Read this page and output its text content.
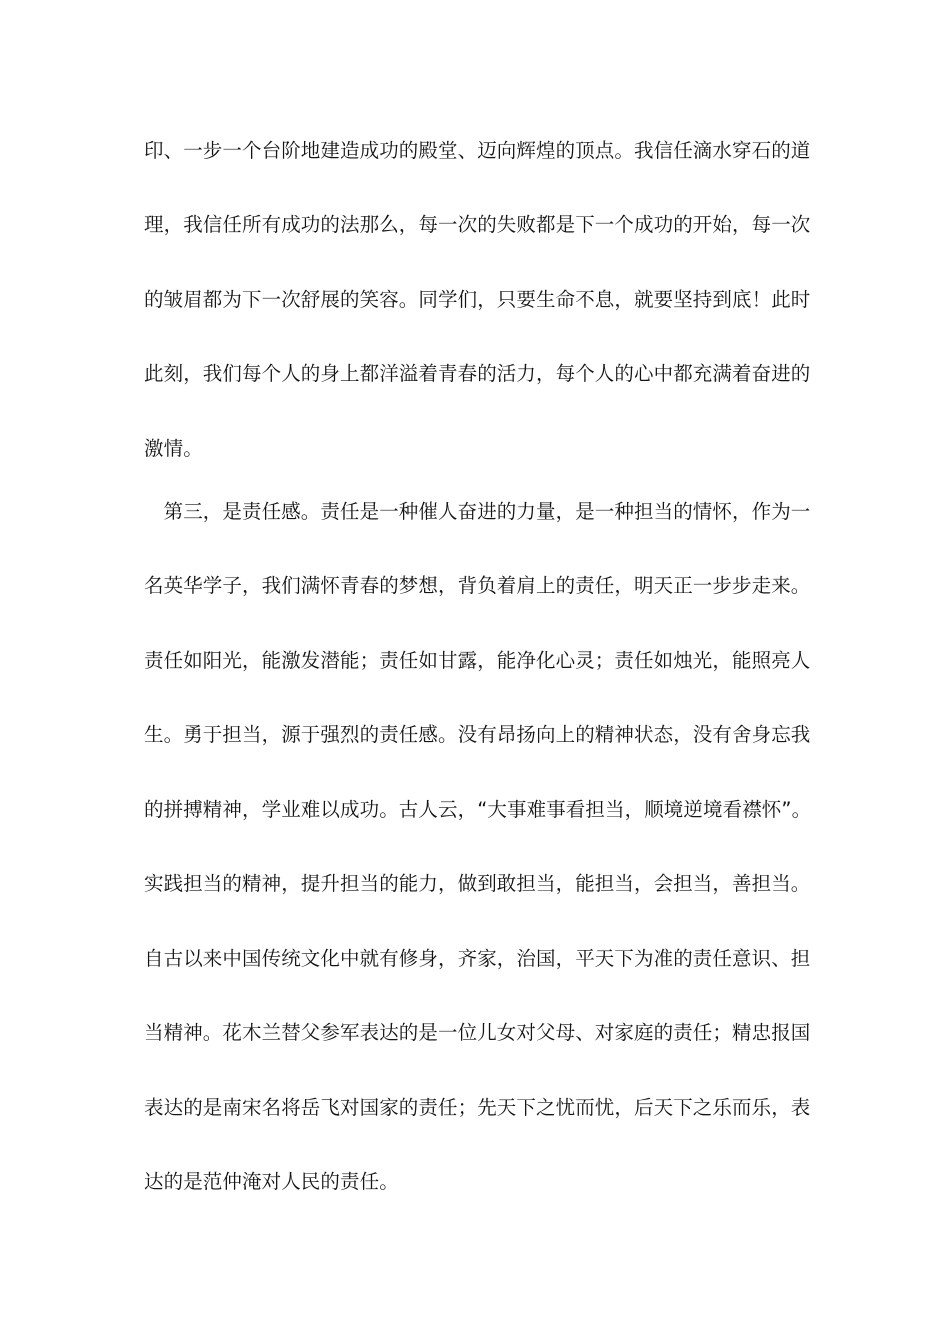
印、一步一个台阶地建造成功的殿堂、迈向辉煌的顶点。我信任滴水穿石的道
理，我信任所有成功的法那么，每一次的失败都是下一个成功的开始，每一次
的皱眉都为下一次舒展的笑容。同学们，只要生命不息，就要坚持到底！此时
此刻，我们每个人的身上都洋溢着青春的活力，每个人的心中都充满着奋进的
激情。
　第三，是责任感。责任是一种催人奋进的力量，是一种担当的情怀，作为一
名英华学子，我们满怀青春的梦想，背负着肩上的责任，明天正一步步走来。
责任如阳光，能激发潜能；责任如甘露，能净化心灵；责任如烛光，能照亮人
生。勇于担当，源于强烈的责任感。没有昂扬向上的精神状态，没有舍身忘我
的拼搏精神，学业难以成功。古人云，“大事难事看担当，顺境逆境看襟怀”。
实践担当的精神，提升担当的能力，做到敢担当，能担当，会担当，善担当。
自古以来中国传统文化中就有修身，齐家，治国，平天下为准的责任意识、担
当精神。花木兰替父参军表达的是一位儿女对父母、对家庭的责任；精忠报国
表达的是南宋名将岳飞对国家的责任；先天下之忧而忧，后天下之乐而乐，表
达的是范仲淹对人民的责任。
